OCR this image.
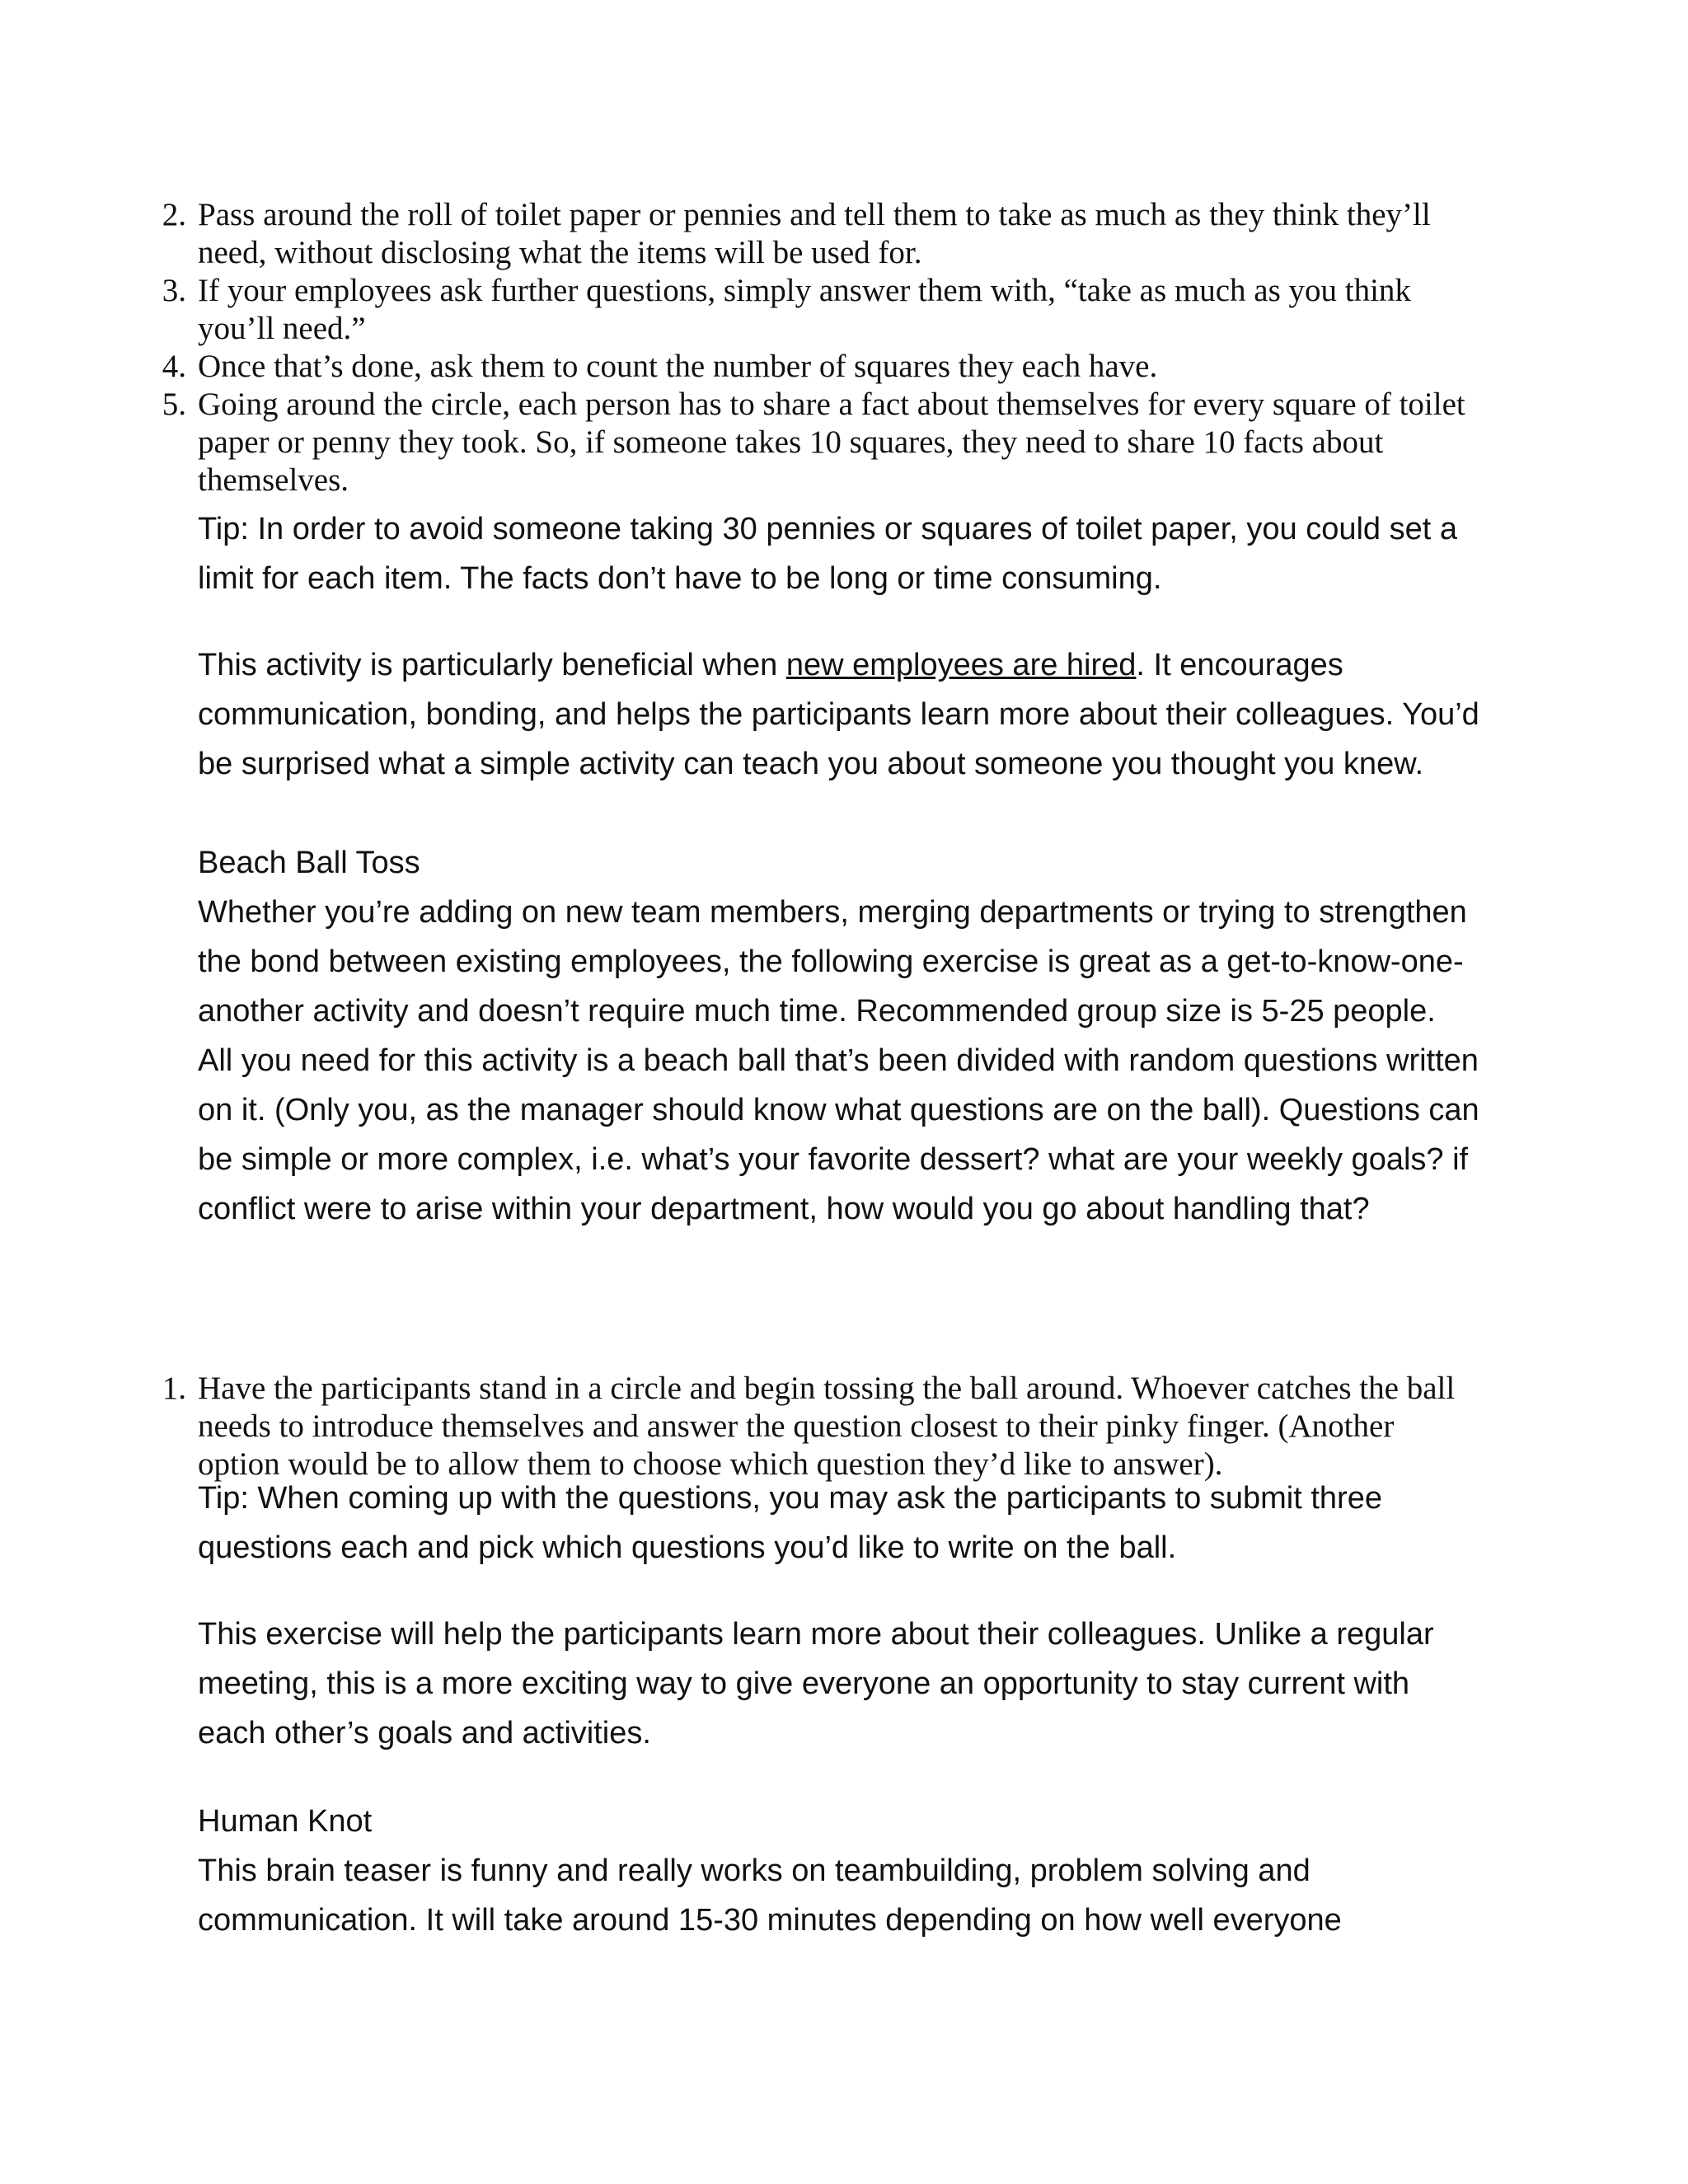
2. Pass around the roll of toilet paper or pennies and tell them to take as much as they think they’ll need, without disclosing what the items will be used for.
3. If your employees ask further questions, simply answer them with, “take as much as you think you’ll need.”
4. Once that’s done, ask them to count the number of squares they each have.
5. Going around the circle, each person has to share a fact about themselves for every square of toilet paper or penny they took. So, if someone takes 10 squares, they need to share 10 facts about themselves.

Tip: In order to avoid someone taking 30 pennies or squares of toilet paper, you could set a limit for each item. The facts don’t have to be long or time consuming.

This activity is particularly beneficial when new employees are hired. It encourages communication, bonding, and helps the participants learn more about their colleagues. You’d be surprised what a simple activity can teach you about someone you thought you knew.

Beach Ball Toss

Whether you’re adding on new team members, merging departments or trying to strengthen the bond between existing employees, the following exercise is great as a get-to-know-one-another activity and doesn’t require much time. Recommended group size is 5-25 people.

All you need for this activity is a beach ball that’s been divided with random questions written on it. (Only you, as the manager should know what questions are on the ball). Questions can be simple or more complex, i.e. what’s your favorite dessert? what are your weekly goals? if conflict were to arise within your department, how would you go about handling that?

1. Have the participants stand in a circle and begin tossing the ball around. Whoever catches the ball needs to introduce themselves and answer the question closest to their pinky finger. (Another option would be to allow them to choose which question they’d like to answer).

Tip: When coming up with the questions, you may ask the participants to submit three questions each and pick which questions you’d like to write on the ball.

This exercise will help the participants learn more about their colleagues. Unlike a regular meeting, this is a more exciting way to give everyone an opportunity to stay current with each other’s goals and activities.

Human Knot

This brain teaser is funny and really works on teambuilding, problem solving and communication. It will take around 15-30 minutes depending on how well everyone
